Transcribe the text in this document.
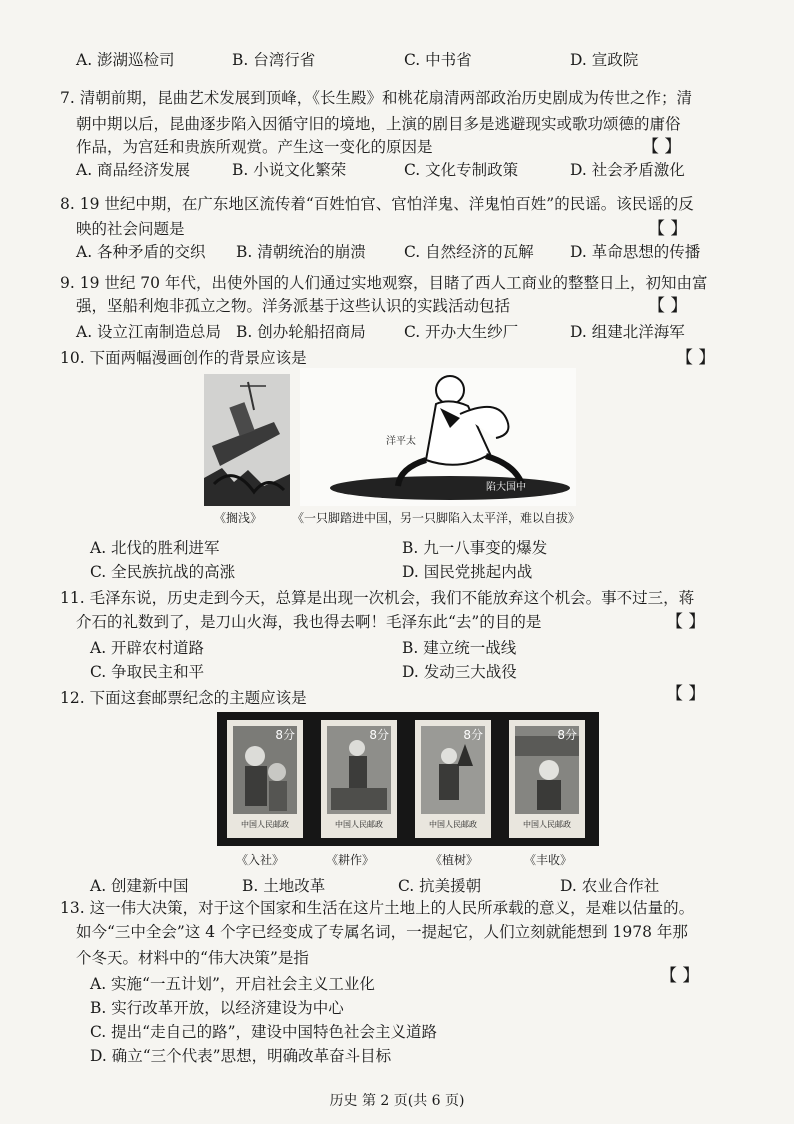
A. 澎湖巡检司	B. 台湾行省	C. 中书省	D. 宣政院
7. 清朝前期，昆曲艺术发展到顶峰，《长生殿》和桃花扇清两部政治历史剧成为传世之作；清
朝中期以后，昆曲逐步陷入因循守旧的境地，上演的剧目多是逃避现实或歌功颂德的庸俗
作品，为宫廷和贵族所观赏。产生这一变化的原因是	【 】
A. 商品经济发展	B. 小说文化繁荣	C. 文化专制政策	D. 社会矛盾激化
8. 19 世纪中期，在广东地区流传着“百姓怕官、官怕洋鬼、洋鬼怕百姓”的民谣。该民谣的反
映的社会问题是	【 】
A. 各种矛盾的交织 B. 清朝统治的崩溃 C. 自然经济的瓦解 D. 革命思想的传播
9. 19 世纪 70 年代，出使外国的人们通过实地观察，目睹了西人工商业的整整日上，初知由富
强，坚船利炮非孤立之物。洋务派基于这些认识的实践活动包括	【 】
A. 设立江南制造总局 B. 创办轮船招商局 C. 开办大生纱厂	D. 组建北洋海军
10. 下面两幅漫画创作的背景应该是	【 】
洋平太
陷大国中
《搁浅》 《一只脚踏进中国，另一只脚陷入太平洋，难以自拔》
A. 北伐的胜利进军	B. 九一八事变的爆发
C. 全民族抗战的高涨	D. 国民党挑起内战
11. 毛泽东说，历史走到今天，总算是出现一次机会，我们不能放弃这个机会。事不过三，蒋
介石的礼数到了，是刀山火海，我也得去啊！毛泽东此“去”的目的是	【 】
A. 开辟农村道路	B. 建立统一战线
C. 争取民主和平	D. 发动三大战役
12. 下面这套邮票纪念的主题应该是	【 】
8分
中国人民邮政
8分
中国人民邮政
8分
中国人民邮政
8分
中国人民邮政
《入社》	《耕作》	《植树》	《丰收》
A. 创建新中国	B. 土地改革	C. 抗美援朝	D. 农业合作社
13. 这一伟大决策，对于这个国家和生活在这片土地上的人民所承载的意义，是难以估量的。
如今“三中全会”这 4 个字已经变成了专属名词，一提起它，人们立刻就能想到 1978 年那
个冬天。材料中的“伟大决策”是指
【 】
A. 实施“一五计划”，开启社会主义工业化
B. 实行改革开放，以经济建设为中心
C. 提出“走自己的路”，建设中国特色社会主义道路
D. 确立“三个代表”思想，明确改革奋斗目标
历史 第 2 页(共 6 页)
